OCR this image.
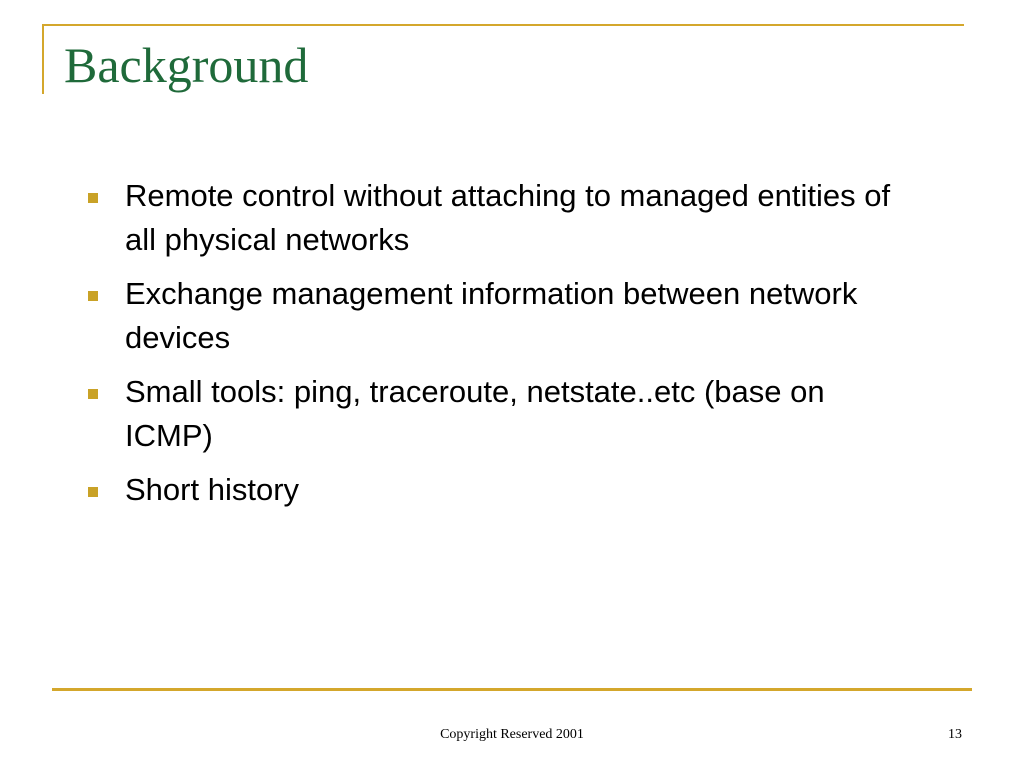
Background
Remote control without attaching to managed entities of all physical networks
Exchange management information between network devices
Small tools: ping, traceroute, netstate..etc (base on ICMP)
Short history
Copyright Reserved 2001	13
